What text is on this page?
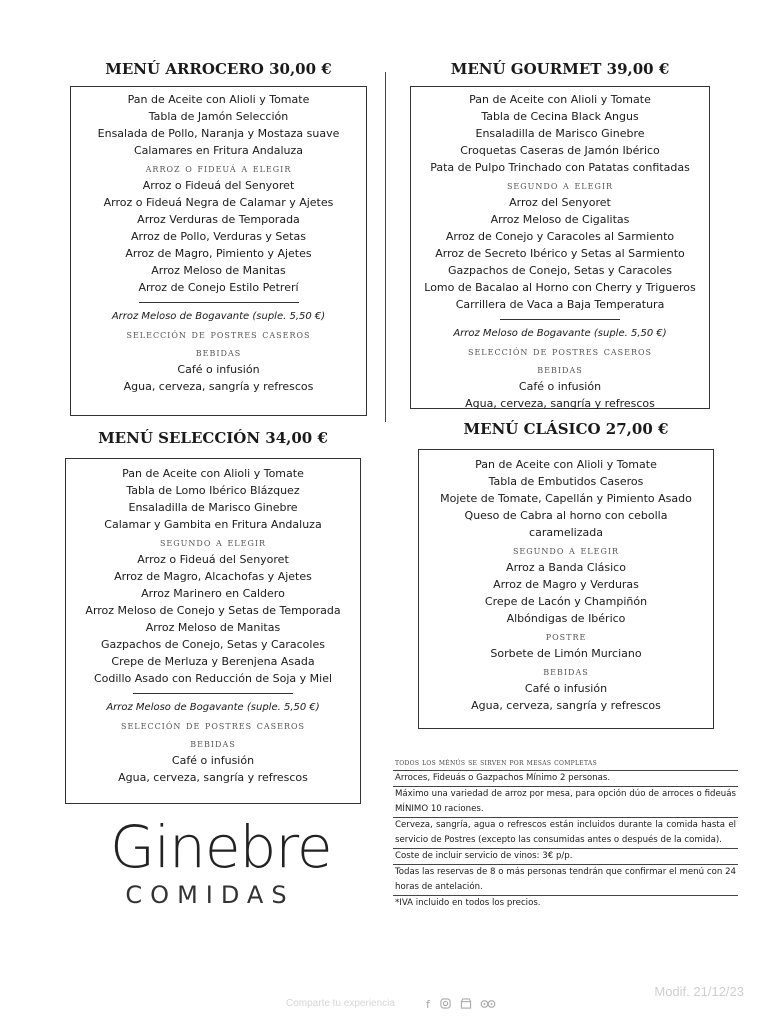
MENÚ ARROCERO 30,00 €
Pan de Aceite con Alioli y Tomate
Tabla de Jamón Selección
Ensalada de Pollo, Naranja y Mostaza suave
Calamares en Fritura Andaluza
arroz o fideuá a elegir
Arroz o Fideuá del Senyoret
Arroz o Fideuá Negra de Calamar y Ajetes
Arroz Verduras de Temporada
Arroz de Pollo, Verduras y Setas
Arroz de Magro, Pimiento y Ajetes
Arroz Meloso de Manitas
Arroz de Conejo Estilo Petrerí
Arroz Meloso de Bogavante (suple. 5,50 €)
selección de postres caseros
bebidas
Café o infusión
Agua, cerveza, sangría y refrescos
MENÚ GOURMET 39,00 €
Pan de Aceite con Alioli y Tomate
Tabla de Cecina Black Angus
Ensaladilla de Marisco Ginebre
Croquetas Caseras de Jamón Ibérico
Pata de Pulpo Trinchado con Patatas confitadas
segundo a elegir
Arroz del Senyoret
Arroz Meloso de Cigalitas
Arroz de Conejo y Caracoles al Sarmiento
Arroz de Secreto Ibérico y Setas al Sarmiento
Gazpachos de Conejo, Setas y Caracoles
Lomo de Bacalao al Horno con Cherry y Trigueros
Carrillera de Vaca a Baja Temperatura
Arroz Meloso de Bogavante (suple. 5,50 €)
selección de postres caseros
bebidas
Café o infusión
Agua, cerveza, sangría y refrescos
MENÚ SELECCIÓN 34,00 €
Pan de Aceite con Alioli y Tomate
Tabla de Lomo Ibérico Blázquez
Ensaladilla de Marisco Ginebre
Calamar y Gambita en Fritura Andaluza
segundo a elegir
Arroz o Fideuá del Senyoret
Arroz de Magro, Alcachofas y Ajetes
Arroz Marinero en Caldero
Arroz Meloso de Conejo y Setas de Temporada
Arroz Meloso de Manitas
Gazpachos de Conejo, Setas y Caracoles
Crepe de Merluza y Berenjena Asada
Codillo Asado con Reducción de Soja y Miel
Arroz Meloso de Bogavante (suple. 5,50 €)
selección de postres caseros
bebidas
Café o infusión
Agua, cerveza, sangría y refrescos
MENÚ CLÁSICO 27,00 €
Pan de Aceite con Alioli y Tomate
Tabla de Embutidos Caseros
Mojete de Tomate, Capellán y Pimiento Asado
Queso de Cabra al horno con cebolla
caramelizada
segundo a elegir
Arroz a Banda Clásico
Arroz de Magro y Verduras
Crepe de Lacón y Champiñón
Albóndigas de Ibérico
postre
Sorbete de Limón Murciano
bebidas
Café o infusión
Agua, cerveza, sangría y refrescos
Ginebre
COMIDAS
todos los ménús se sirven por mesas completas
Arroces, Fideuás o Gazpachos Mínimo 2 personas.
Máximo una variedad de arroz por mesa, para opción dúo de arroces o fideuás MÍNIMO 10 raciones.
Cerveza, sangría, agua o refrescos están incluidos durante la comida hasta el servicio de Postres (excepto las consumidas antes o después de la comida).
Coste de incluir servicio de vinos: 3€ p/p.
Todas las reservas de 8 o más personas tendrán que confirmar el menú con 24 horas de antelación.
*IVA incluido en todos los precios.
Modif. 21/12/23
Comparte tu experiencia	f
